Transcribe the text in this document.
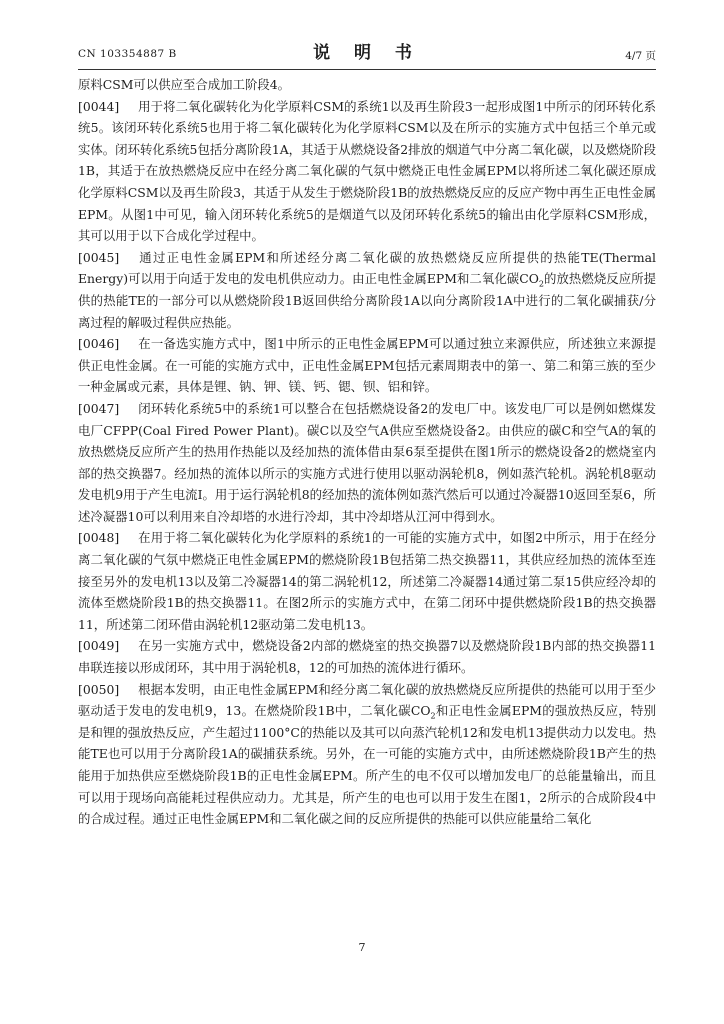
CN 103354887 B	说 明 书	4/7 页

原料CSM可以供应至合成加工阶段4。

[0044] 用于将二氧化碳转化为化学原料CSM的系统1以及再生阶段3一起形成图1中所示的闭环转化系统5。该闭环转化系统5也用于将二氧化碳转化为化学原料CSM以及在所示的实施方式中包括三个单元或实体。闭环转化系统5包括分离阶段1A，其适于从燃烧设备2排放的烟道气中分离二氧化碳，以及燃烧阶段1B，其适于在放热燃烧反应中在经分离二氧化碳的气氛中燃烧正电性金属EPM以将所述二氧化碳还原成化学原料CSM以及再生阶段3，其适于从发生于燃烧阶段1B的放热燃烧反应的反应产物中再生正电性金属EPM。从图1中可见，输入闭环转化系统5的是烟道气以及闭环转化系统5的输出由化学原料CSM形成，其可以用于以下合成化学过程中。

[0045] 通过正电性金属EPM和所述经分离二氧化碳的放热燃烧反应所提供的热能TE(Thermal Energy)可以用于向适于发电的发电机供应动力。由正电性金属EPM和二氧化碳$CO_2$的放热燃烧反应所提供的热能TE的一部分可以从燃烧阶段1B返回供给分离阶段1A以向分离阶段1A中进行的二氧化碳捕获/分离过程的解吸过程供应热能。

[0046] 在一备选实施方式中，图1中所示的正电性金属EPM可以通过独立来源供应，所述独立来源提供正电性金属。在一可能的实施方式中，正电性金属EPM包括元素周期表中的第一、第二和第三族的至少一种金属或元素，具体是锂、钠、钾、镁、钙、锶、钡、铝和锌。

[0047] 闭环转化系统5中的系统1可以整合在包括燃烧设备2的发电厂中。该发电厂可以是例如燃煤发电厂CFPP(Coal Fired Power Plant)。碳C以及空气A供应至燃烧设备2。由供应的碳C和空气A的氧的放热燃烧反应所产生的热用作热能以及经加热的流体借由泵6泵至提供在图1所示的燃烧设备2的燃烧室内部的热交换器7。经加热的流体以所示的实施方式进行使用以驱动涡轮机8，例如蒸汽轮机。涡轮机8驱动发电机9用于产生电流I。用于运行涡轮机8的经加热的流体例如蒸汽然后可以通过冷凝器10返回至泵6，所述冷凝器10可以利用来自冷却塔的水进行冷却，其中冷却塔从江河中得到水。

[0048] 在用于将二氧化碳转化为化学原料的系统1的一可能的实施方式中，如图2中所示，用于在经分离二氧化碳的气氛中燃烧正电性金属EPM的燃烧阶段1B包括第二热交换器11，其供应经加热的流体至连接至另外的发电机13以及第二冷凝器14的第二涡轮机12，所述第二冷凝器14通过第二泵15供应经冷却的流体至燃烧阶段1B的热交换器11。在图2所示的实施方式中，在第二闭环中提供燃烧阶段1B的热交换器11，所述第二闭环借由涡轮机12驱动第二发电机13。

[0049] 在另一实施方式中，燃烧设备2内部的燃烧室的热交换器7以及燃烧阶段1B内部的热交换器11串联连接以形成闭环，其中用于涡轮机8，12的可加热的流体进行循环。

[0050] 根据本发明，由正电性金属EPM和经分离二氧化碳的放热燃烧反应所提供的热能可以用于至少驱动适于发电的发电机9，13。在燃烧阶段1B中，二氧化碳$CO_2$和正电性金属EPM的强放热反应，特别是和锂的强放热反应，产生超过1100°C的热能以及其可以向蒸汽轮机12和发电机13提供动力以发电。热能TE也可以用于分离阶段1A的碳捕获系统。另外，在一可能的实施方式中，由所述燃烧阶段1B产生的热能用于加热供应至燃烧阶段1B的正电性金属EPM。所产生的电不仅可以增加发电厂的总能量输出，而且可以用于现场向高能耗过程供应动力。尤其是，所产生的电也可以用于发生在图1，2所示的合成阶段4中的合成过程。通过正电性金属EPM和二氧化碳之间的反应所提供的热能可以供应能量给二氧化

7
